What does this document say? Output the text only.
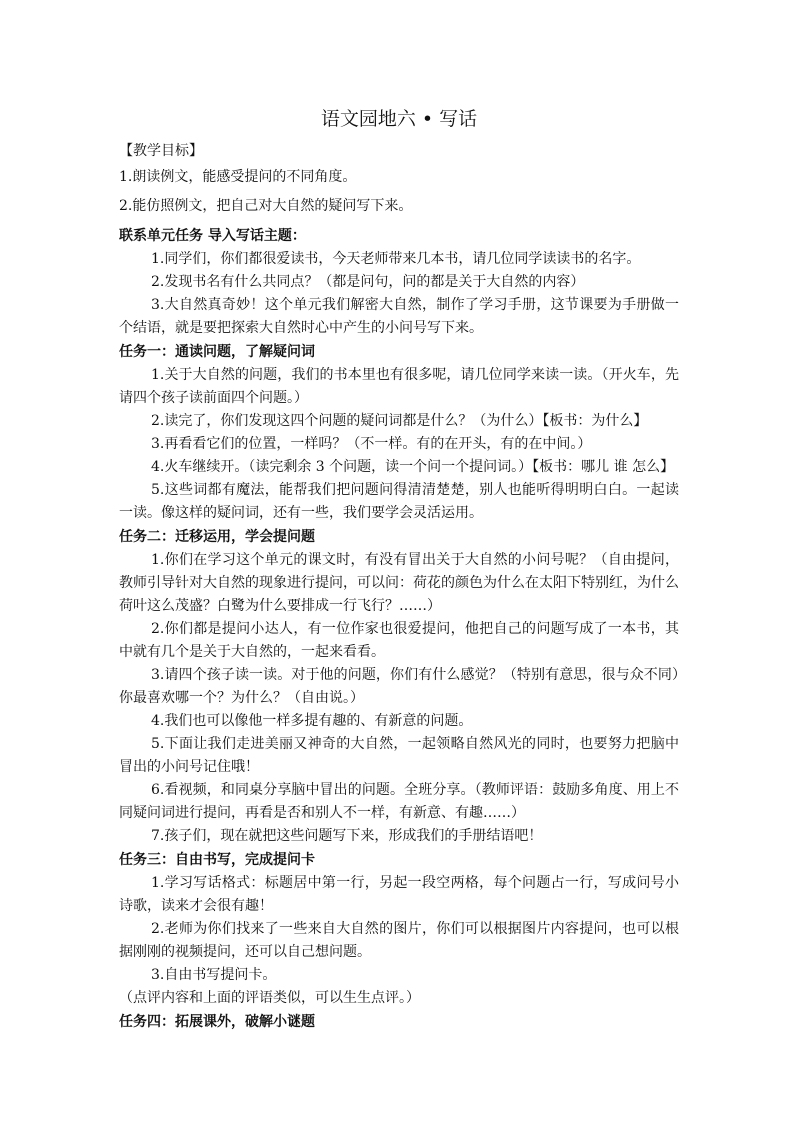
语文园地六 • 写话

【教学目标】

1.朗读例文，能感受提问的不同角度。

2.能仿照例文，把自己对大自然的疑问写下来。

联系单元任务 导入写话主题：

1.同学们，你们都很爱读书，今天老师带来几本书，请几位同学读读书的名字。

2.发现书名有什么共同点？（都是问句，问的都是关于大自然的内容）

3.大自然真奇妙！这个单元我们解密大自然，制作了学习手册，这节课要为手册做一个结语，就是要把探索大自然时心中产生的小问号写下来。

任务一：通读问题，了解疑问词

1.关于大自然的问题，我们的书本里也有很多呢，请几位同学来读一读。（开火车，先请四个孩子读前面四个问题。）

2.读完了，你们发现这四个问题的疑问词都是什么？（为什么）【板书：为什么】

3.再看看它们的位置，一样吗？（不一样。有的在开头，有的在中间。）

4.火车继续开。（读完剩余 3 个问题，读一个问一个提问词。）【板书：哪儿 谁 怎么】

5.这些词都有魔法，能帮我们把问题问得清清楚楚，别人也能听得明明白白。一起读一读。像这样的疑问词，还有一些，我们要学会灵活运用。

任务二：迁移运用，学会提问题

1.你们在学习这个单元的课文时，有没有冒出关于大自然的小问号呢？（自由提问，教师引导针对大自然的现象进行提问，可以问：荷花的颜色为什么在太阳下特别红，为什么荷叶这么茂盛？白鹭为什么要排成一行飞行？……）

2.你们都是提问小达人，有一位作家也很爱提问，他把自己的问题写成了一本书，其中就有几个是关于大自然的，一起来看看。

3.请四个孩子读一读。对于他的问题，你们有什么感觉？（特别有意思，很与众不同）你最喜欢哪一个？为什么？（自由说。）

4.我们也可以像他一样多提有趣的、有新意的问题。

5.下面让我们走进美丽又神奇的大自然，一起领略自然风光的同时，也要努力把脑中冒出的小问号记住哦！

6.看视频，和同桌分享脑中冒出的问题。全班分享。（教师评语：鼓励多角度、用上不同疑问词进行提问，再看是否和别人不一样，有新意、有趣……）

7.孩子们，现在就把这些问题写下来，形成我们的手册结语吧！

任务三：自由书写，完成提问卡

1.学习写话格式：标题居中第一行，另起一段空两格，每个问题占一行，写成问号小诗歌，读来才会很有趣！

2.老师为你们找来了一些来自大自然的图片，你们可以根据图片内容提问，也可以根据刚刚的视频提问，还可以自己想问题。

3.自由书写提问卡。

（点评内容和上面的评语类似，可以生生点评。）

任务四：拓展课外，破解小谜题
